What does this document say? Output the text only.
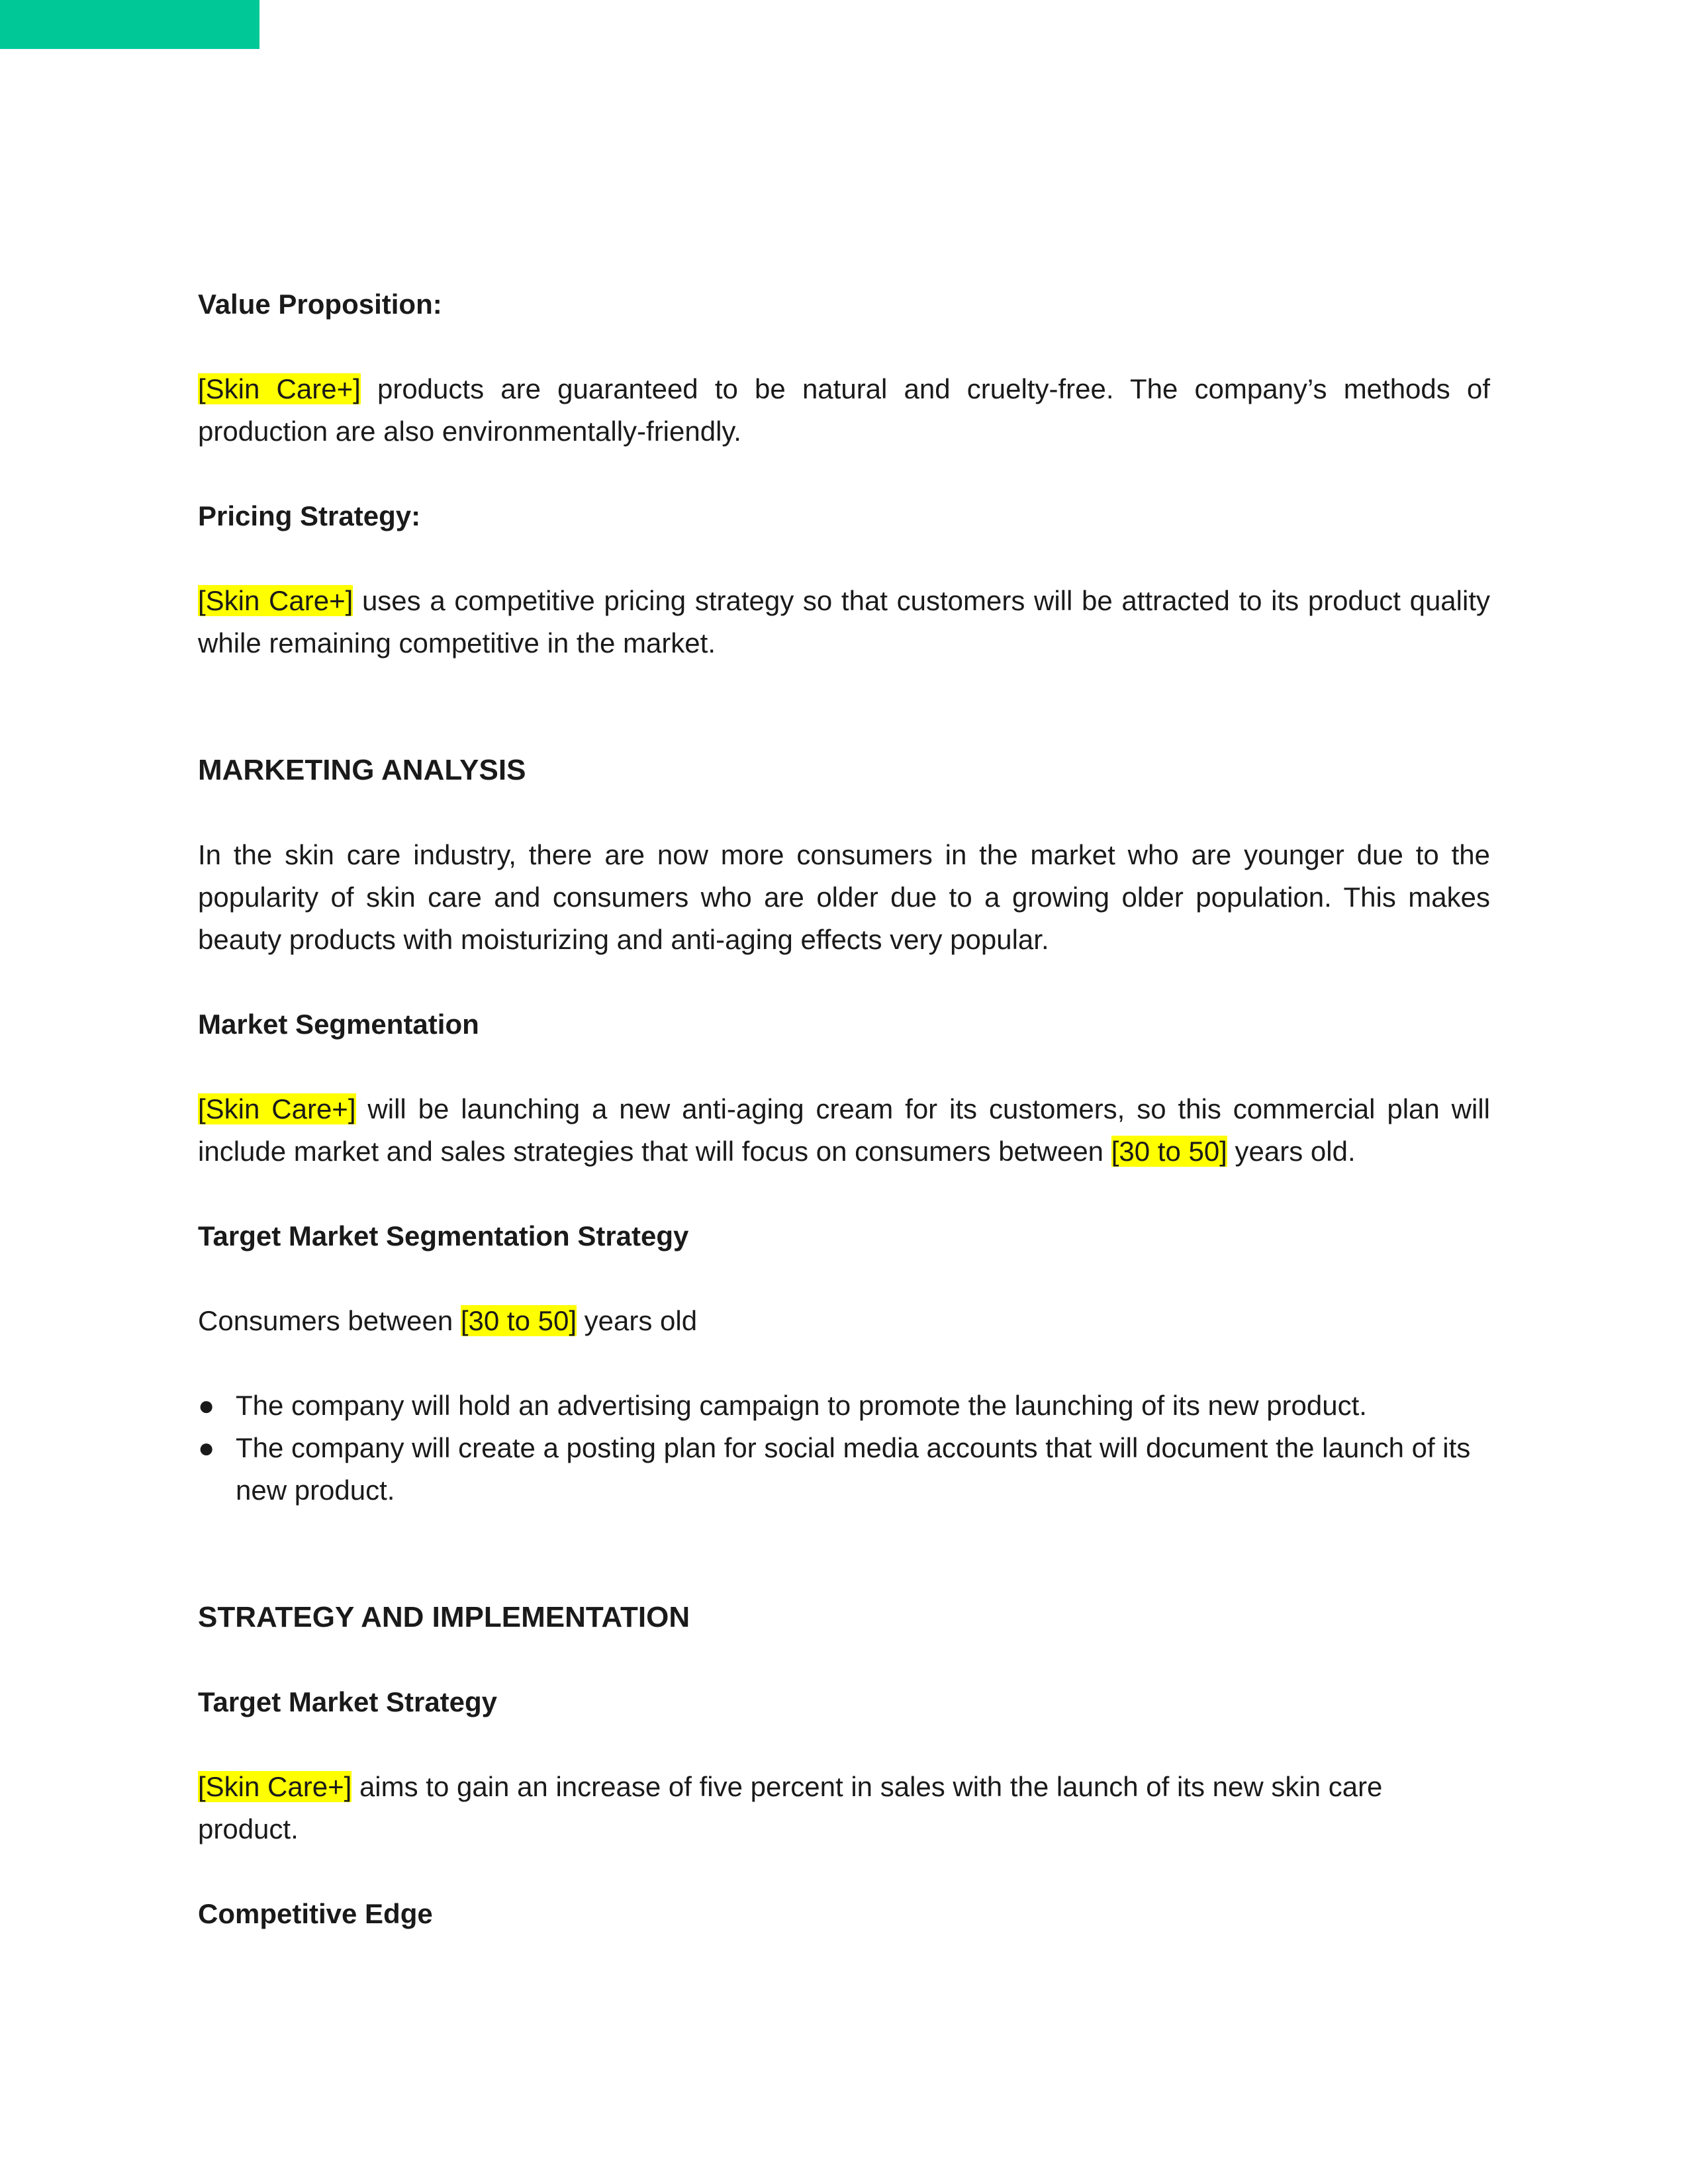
Value Proposition:

[Skin Care+] products are guaranteed to be natural and cruelty-free. The company’s methods of production are also environmentally-friendly.

Pricing Strategy:

[Skin Care+] uses a competitive pricing strategy so that customers will be attracted to its product quality while remaining competitive in the market.

MARKETING ANALYSIS

In the skin care industry, there are now more consumers in the market who are younger due to the popularity of skin care and consumers who are older due to a growing older population. This makes beauty products with moisturizing and anti-aging effects very popular.

Market Segmentation

[Skin Care+] will be launching a new anti-aging cream for its customers, so this commercial plan will include market and sales strategies that will focus on consumers between [30 to 50] years old.

Target Market Segmentation Strategy

Consumers between [30 to 50] years old

● The company will hold an advertising campaign to promote the launching of its new product.
● The company will create a posting plan for social media accounts that will document the launch of its new product.

STRATEGY AND IMPLEMENTATION

Target Market Strategy

[Skin Care+] aims to gain an increase of five percent in sales with the launch of its new skin care product.

Competitive Edge
